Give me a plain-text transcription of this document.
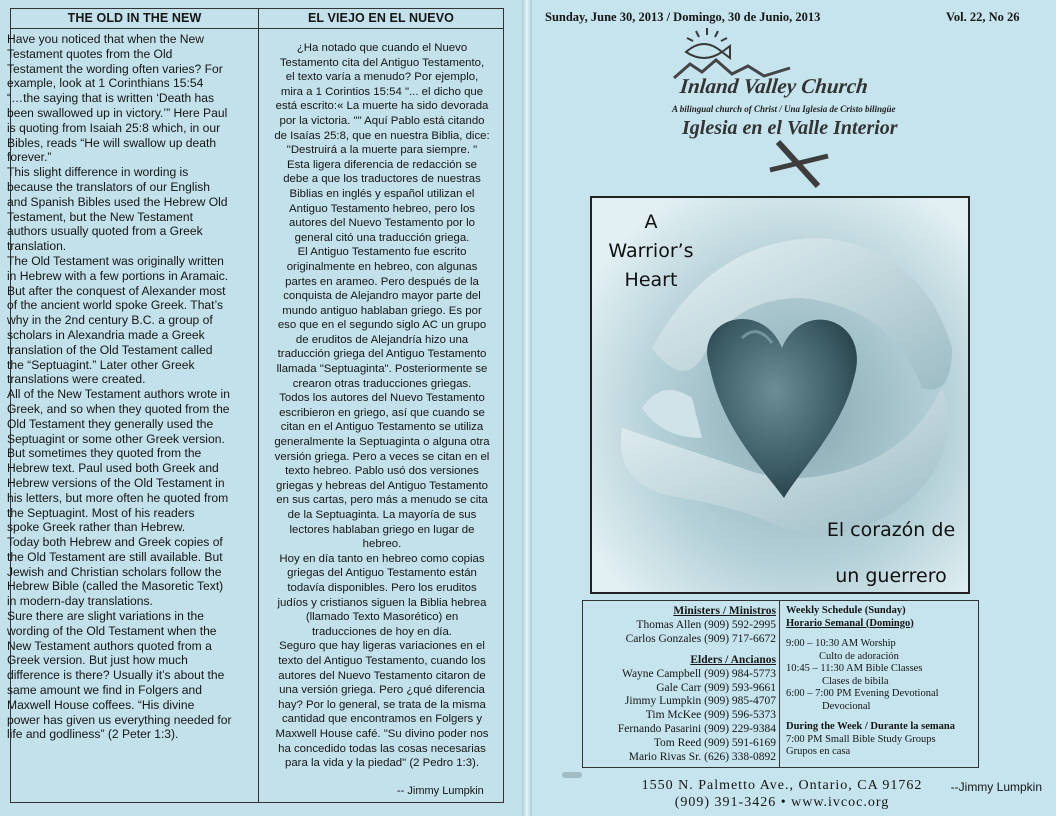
THE OLD IN THE NEW

Have you noticed that when the New

Testament quotes from the Old

Testament the wording often varies? For

example, look at 1 Corinthians 15:54

“…the saying that is written ‘Death has

been swallowed up in victory.’” Here Paul

is quoting from Isaiah 25:8 which, in our

Bibles, reads “He will swallow up death

forever.”

This slight difference in wording is

because the translators of our English

and Spanish Bibles used the Hebrew Old

Testament, but the New Testament

authors usually quoted from a Greek

translation.

The Old Testament was originally written

in Hebrew with a few portions in Aramaic.

But after the conquest of Alexander most

of the ancient world spoke Greek. That’s

why in the 2nd century B.C. a group of

scholars in Alexandria made a Greek

translation of the Old Testament called

the “Septuagint.” Later other Greek

translations were created.

All of the New Testament authors wrote in

Greek, and so when they quoted from the

Old Testament they generally used the

Septuagint or some other Greek version.

But sometimes they quoted from the

Hebrew text. Paul used both Greek and

Hebrew versions of the Old Testament in

his letters, but more often he quoted from

the Septuagint. Most of his readers

spoke Greek rather than Hebrew.

Today both Hebrew and Greek copies of

the Old Testament are still available. But

Jewish and Christian scholars follow the

Hebrew Bible (called the Masoretic Text)

in modern-day translations.

Sure there are slight variations in the

wording of the Old Testament when the

New Testament authors quoted from a

Greek version. But just how much

difference is there? Usually it’s about the

same amount we find in Folgers and

Maxwell House coffees. “His divine

power has given us everything needed for

life and godliness” (2 Peter 1:3).

--Jimmy Lumpkin
EL VIEJO EN EL NUEVO

¿Ha notado que cuando el Nuevo

Testamento cita del Antiguo Testamento,

el texto varía a menudo? Por ejemplo,

mira a 1 Corintios 15:54 "... el dicho que

está escrito:« La muerte ha sido devorada

por la victoria. "" Aquí Pablo está citando

de Isaías 25:8, que en nuestra Biblia, dice:

"Destruirá a la muerte para siempre. "

Esta ligera diferencia de redacción se

debe a que los traductores de nuestras

Biblias en inglés y español utilizan el

Antiguo Testamento hebreo, pero los

autores del Nuevo Testamento por lo

general citó una traducción griega.

El Antiguo Testamento fue escrito

originalmente en hebreo, con algunas

partes en arameo. Pero después de la

conquista de Alejandro mayor parte del

mundo antiguo hablaban griego. Es por

eso que en el segundo siglo AC un grupo

de eruditos de Alejandría hizo una

traducción griega del Antiguo Testamento

llamada "Septuaginta". Posteriormente se

crearon otras traducciones griegas.

Todos los autores del Nuevo Testamento

escribieron en griego, así que cuando se

citan en el Antiguo Testamento se utiliza

generalmente la Septuaginta o alguna otra

versión griega. Pero a veces se citan en el

texto hebreo. Pablo usó dos versiones

griegas y hebreas del Antiguo Testamento

en sus cartas, pero más a menudo se cita

de la Septuaginta. La mayoría de sus

lectores hablaban griego en lugar de

hebreo.

Hoy en día tanto en hebreo como copias

griegas del Antiguo Testamento están

todavía disponibles. Pero los eruditos

judíos y cristianos siguen la Biblia hebrea

(llamado Texto Masorético) en

traducciones de hoy en día.

Seguro que hay ligeras variaciones en el

texto del Antiguo Testamento, cuando los

autores del Nuevo Testamento citaron de

una versión griega. Pero ¿qué diferencia

hay? Por lo general, se trata de la misma

cantidad que encontramos en Folgers y

Maxwell House café. "Su divino poder nos

ha concedido todas las cosas necesarias

para la vida y la piedad" (2 Pedro 1:3).

-- Jimmy Lumpkin
Sunday, June 30, 2013 / Domingo, 30 de Junio, 2013	Vol. 22, No 26
Inland Valley Church
A bilingual church of Christ / Una Iglesia de Cristo bilingüe
Iglesia en el Valle Interior
A Warrior’s
Heart
El corazón de
un guerrero
Ministers / Ministros
Thomas Allen (909) 592-2995
Carlos Gonzales (909) 717-6672
Elders / Ancianos
Wayne Campbell (909) 984-5773
Gale Carr (909) 593-9661
Jimmy Lumpkin (909) 985-4707
Tim McKee (909) 596-5373
Fernando Pasarini (909) 229-9384
Tom Reed (909) 591-6169
Mario Rivas Sr. (626) 338-0892
Weekly Schedule (Sunday)
Horario Semanal (Domingo)
9:00 – 10:30 AM Worship
Culto de adoración
10:45 – 11:30 AM Bible Classes
Clases de bibila
6:00 – 7:00 PM Evening Devotional
Devocional
During the Week / Durante la semana
7:00 PM Small Bible Study Groups
Grupos en casa
1550 N. Palmetto Ave., Ontario, CA 91762
(909) 391-3426 • www.ivcoc.org
